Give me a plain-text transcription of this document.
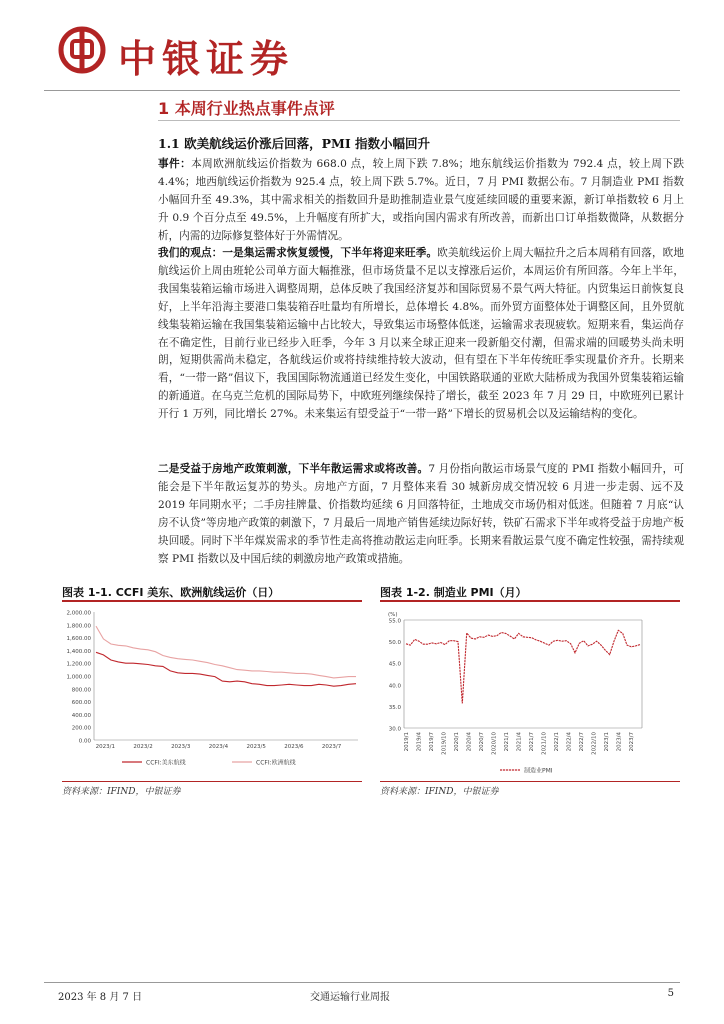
中银证券
1 本周行业热点事件点评
1.1 欧美航线运价涨后回落，PMI 指数小幅回升
事件：本周欧洲航线运价指数为 668.0 点，较上周下跌 7.8%；地东航线运价指数为 792.4 点，较上周下跌 4.4%；地西航线运价指数为 925.4 点，较上周下跌 5.7%。近日，7 月 PMI 数据公布。7 月制造业 PMI 指数小幅回升至 49.3%，其中需求相关的指数回升是助推制造业景气度延续回暖的重要来源，新订单指数较 6 月上升 0.9 个百分点至 49.5%，上升幅度有所扩大，或指向国内需求有所改善，而新出口订单指数微降，从数据分析，内需的边际修复整体好于外需情况。
我们的观点：一是集运需求恢复缓慢，下半年将迎来旺季。欧美航线运价上周大幅拉升之后本周稍有回落，欧地航线运价上周由班轮公司单方面大幅推涨，但市场货量不足以支撑涨后运价，本周运价有所回落。今年上半年，我国集装箱运输市场进入调整周期，总体反映了我国经济复苏和国际贸易不景气两大特征。内贸集运日前恢复良好，上半年沿海主要港口集装箱吞吐量均有所增长，总体增长 4.8%。而外贸方面整体处于调整区间，且外贸航线集装箱运输在我国集装箱运输中占比较大，导致集运市场整体低迷，运输需求表现疲软。短期来看，集运尚存在不确定性，目前行业已经步入旺季，今年 3 月以来全球正迎来一段新船交付潮，但需求端的回暖势头尚未明朗，短期供需尚未稳定，各航线运价或将持续维持较大波动，但有望在下半年传统旺季实现量价齐升。长期来看，“一带一路”倡议下，我国国际物流通道已经发生变化，中国铁路联通的亚欧大陆桥成为我国外贸集装箱运输的新通道。在乌克兰危机的国际局势下，中欧班列继续保持了增长，截至 2023 年 7 月 29 日，中欧班列已累计开行 1 万列，同比增长 27%。未来集运有望受益于“一带一路”下增长的贸易机会以及运输结构的变化。
二是受益于房地产政策刺激，下半年散运需求或将改善。7 月份指向散运市场景气度的 PMI 指数小幅回升，可能会是下半年散运复苏的势头。房地产方面，7 月整体来看 30 城新房成交情况较 6 月进一步走弱、远不及 2019 年同期水平；二手房挂牌量、价指数均延续 6 月回落特征，土地成交市场仍相对低迷。但随着 7 月底“认房不认贷”等房地产政策的刺激下，7 月最后一周地产销售延续边际好转，铁矿石需求下半年或将受益于房地产板块回暖。同时下半年煤炭需求的季节性走高将推动散运走向旺季。长期来看散运景气度不确定性较强，需持续观察 PMI 指数以及中国后续的刺激房地产政策或措施。
图表 1-1. CCFI 美东、欧洲航线运价（日）
2,000.00
1,800.00
1,600.00
1,400.00
1,200.00
1,000.00
800.00
600.00
400.00
200.00
0.00
2023/1	2023/2	2023/3	2023/4	2023/5	2023/6	2023/7
CCFI:美东航线	CCFI:欧洲航线
资料来源：IFIND，中银证券
图表 1-2. 制造业 PMI（月）
55.0
50.0
45.0
40.0
35.0
30.0
(%)
2019/1 2019/4 2019/7 2019/10 2020/1 2020/4 2020/7 2020/10 2021/1 2021/4 2021/7 2021/10 2022/1 2022/4 2022/7 2022/10 2023/1 2023/4 2023/7
制造业PMI
资料来源：IFIND，中银证券
2023 年 8 月 7 日	交通运输行业周报	5
